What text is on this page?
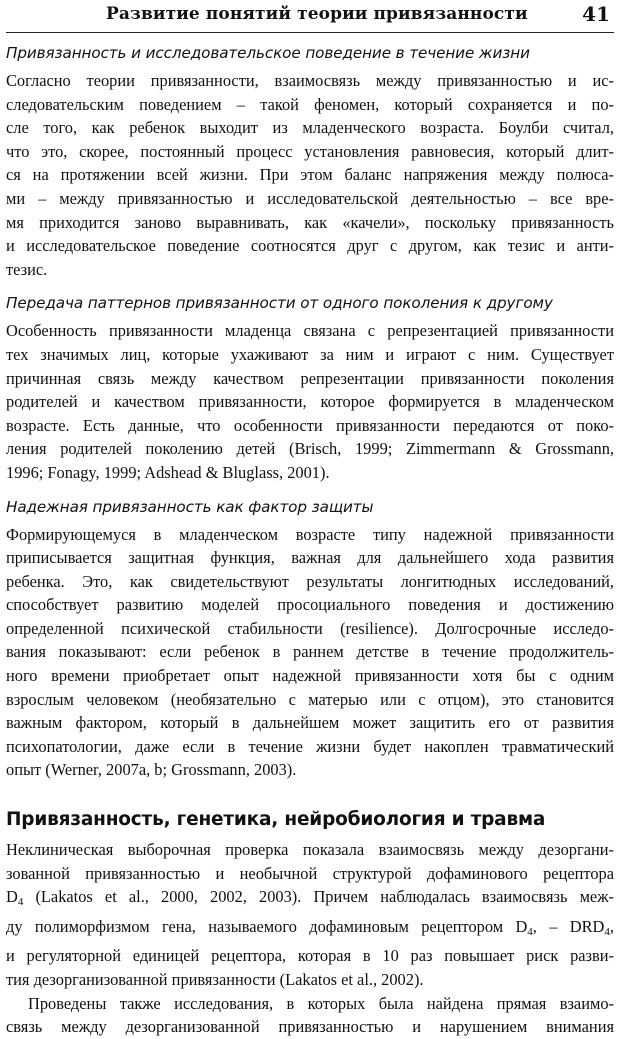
Развитие понятий теории привязанности	41
Привязанность и исследовательское поведение в течение жизни

Согласно теории привязанности, взаимосвязь между привязанностью и ис-
следовательским поведением – такой феномен, который сохраняется и по-
сле того, как ребенок выходит из младенческого возраста. Боулби считал,
что это, скорее, постоянный процесс установления равновесия, который длит-
ся на протяжении всей жизни. При этом баланс напряжения между полюса-
ми – между привязанностью и исследовательской деятельностью – все вре-
мя приходится заново выравнивать, как «качели», поскольку привязанность
и исследовательское поведение соотносятся друг с другом, как тезис и анти-
тезис.

Передача паттернов привязанности от одного поколения к другому

Особенность привязанности младенца связана с репрезентацией привязанности
тех значимых лиц, которые ухаживают за ним и играют с ним. Существует
причинная связь между качеством репрезентации привязанности поколения
родителей и качеством привязанности, которое формируется в младенческом
возрасте. Есть данные, что особенности привязанности передаются от поко-
ления родителей поколению детей (Brisch, 1999; Zimmermann & Grossmann,
1996; Fonagy, 1999; Adshead & Bluglass, 2001).

Надежная привязанность как фактор защиты

Формирующемуся в младенческом возрасте типу надежной привязанности
приписывается защитная функция, важная для дальнейшего хода развития
ребенка. Это, как свидетельствуют результаты лонгитюдных исследований,
способствует развитию моделей просоциального поведения и достижению
определенной психической стабильности (resilience). Долгосрочные исследо-
вания показывают: если ребенок в раннем детстве в течение продолжитель-
ного времени приобретает опыт надежной привязанности хотя бы с одним
взрослым человеком (необязательно с матерью или с отцом), это становится
важным фактором, который в дальнейшем может защитить его от развития
психопатологии, даже если в течение жизни будет накоплен травматический
опыт (Werner, 2007a, b; Grossmann, 2003).

Привязанность, генетика, нейробиология и травма

Неклиническая выборочная проверка показала взаимосвязь между дезоргани-
зованной привязанностью и необычной структурой дофаминового рецептора
$D_4$ (Lakatos et al., 2000, 2002, 2003). Причем наблюдалась взаимосвязь меж-
ду полиморфизмом гена, называемого дофаминовым рецептором $D_4$, – $DRD_4$,
и регуляторной единицей рецептора, которая в 10 раз повышает риск разви-
тия дезорганизованной привязанности (Lakatos et al., 2002).

Проведены также исследования, в которых была найдена прямая взаимо-
связь между дезорганизованной привязанностью и нарушением внимания
